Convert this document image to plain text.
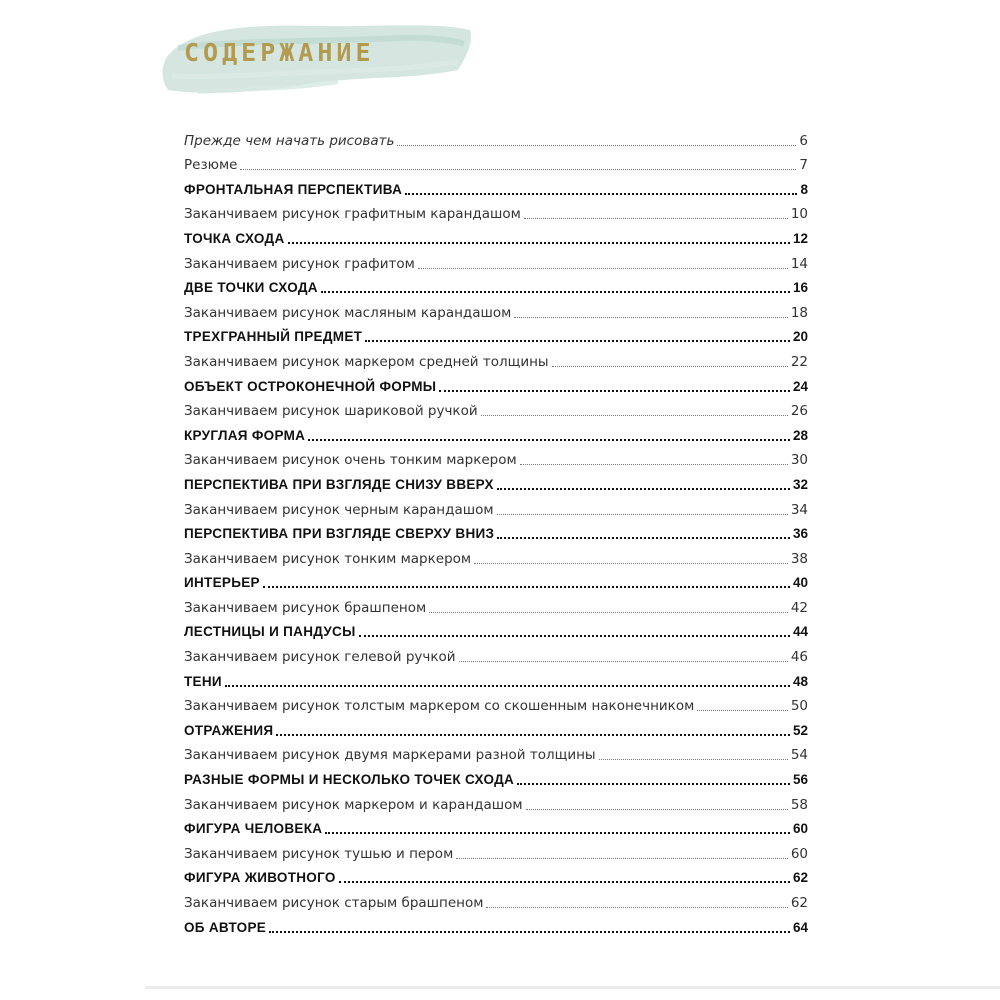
СОДЕРЖАНИЕ
Прежде чем начать рисовать	6
Резюме	7
ФРОНТАЛЬНАЯ ПЕРСПЕКТИВА	8
Заканчиваем рисунок графитным карандашом	10
ТОЧКА СХОДА	12
Заканчиваем рисунок графитом	14
ДВЕ ТОЧКИ СХОДА	16
Заканчиваем рисунок масляным карандашом	18
ТРЕХГРАННЫЙ ПРЕДМЕТ	20
Заканчиваем рисунок маркером средней толщины	22
ОБЪЕКТ ОСТРОКОНЕЧНОЙ ФОРМЫ	24
Заканчиваем рисунок шариковой ручкой	26
КРУГЛАЯ ФОРМА	28
Заканчиваем рисунок очень тонким маркером	30
ПЕРСПЕКТИВА ПРИ ВЗГЛЯДЕ СНИЗУ ВВЕРХ	32
Заканчиваем рисунок черным карандашом	34
ПЕРСПЕКТИВА ПРИ ВЗГЛЯДЕ СВЕРХУ ВНИЗ	36
Заканчиваем рисунок тонким маркером	38
ИНТЕРЬЕР	40
Заканчиваем рисунок брашпеном	42
ЛЕСТНИЦЫ И ПАНДУСЫ	44
Заканчиваем рисунок гелевой ручкой	46
ТЕНИ	48
Заканчиваем рисунок толстым маркером со скошенным наконечником	50
ОТРАЖЕНИЯ	52
Заканчиваем рисунок двумя маркерами разной толщины	54
РАЗНЫЕ ФОРМЫ И НЕСКОЛЬКО ТОЧЕК СХОДА	56
Заканчиваем рисунок маркером и карандашом	58
ФИГУРА ЧЕЛОВЕКА	60
Заканчиваем рисунок тушью и пером	60
ФИГУРА ЖИВОТНОГО	62
Заканчиваем рисунок старым брашпеном	62
ОБ АВТОРЕ	64
